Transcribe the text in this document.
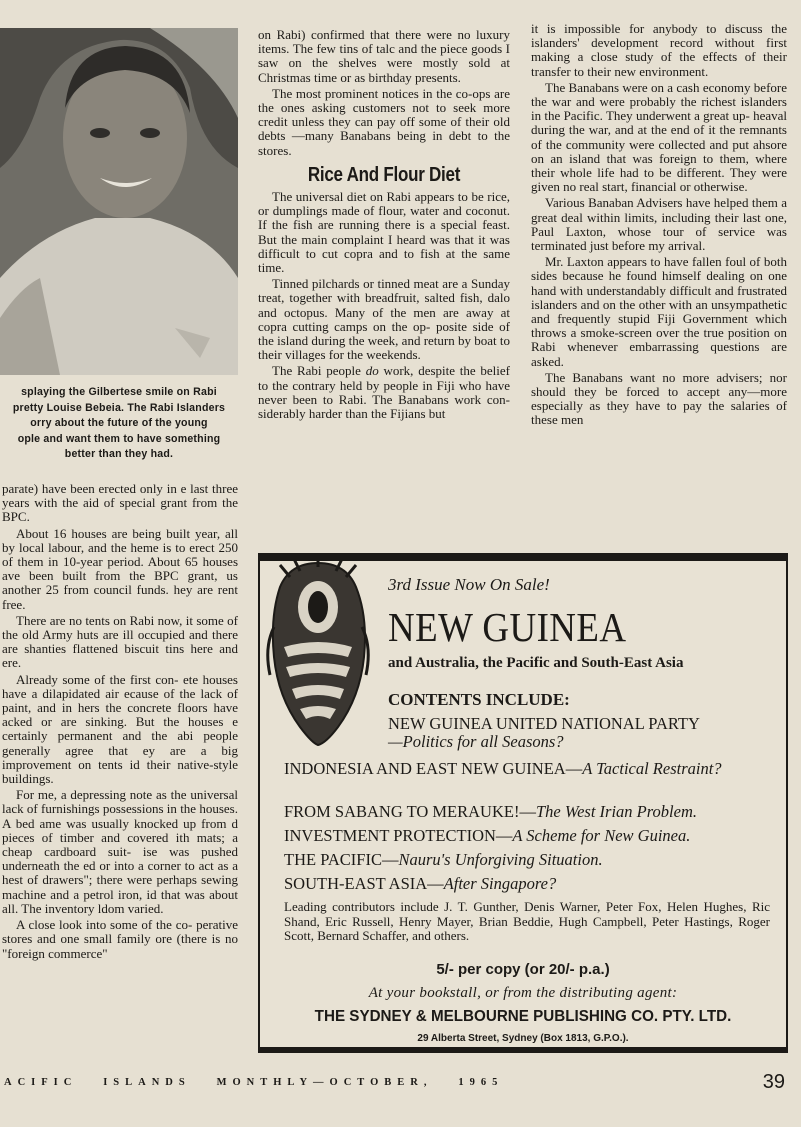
splaying the Gilbertese smile on Rabi
pretty Louise Bebeia. The Rabi Islanders
orry about the future of the young
ople and want them to have something
better than they had.

parate) have been erected only in e last three years with the aid of special grant from the BPC.

About 16 houses are being built year, all by local labour, and the heme is to erect 250 of them in 10-year period. About 65 houses ave been built from the BPC grant, us another 25 from council funds. hey are rent free.

There are no tents on Rabi now, it some of the old Army huts are ill occupied and there are shanties flattened biscuit tins here and ere.

Already some of the first con- ete houses have a dilapidated air ecause of the lack of paint, and in hers the concrete floors have acked or are sinking. But the houses e certainly permanent and the abi people generally agree that ey are a big improvement on tents id their native-style buildings.

For me, a depressing note as the universal lack of furnishings possessions in the houses. A bed ame was usually knocked up from d pieces of timber and covered ith mats; a cheap cardboard suit- ise was pushed underneath the ed or into a corner to act as a hest of drawers"; there were perhaps sewing machine and a petrol iron, id that was about all. The inventory ldom varied.

A close look into some of the co- perative stores and one small family ore (there is no "foreign commerce"

on Rabi) confirmed that there were no luxury items. The few tins of talc and the piece goods I saw on the shelves were mostly sold at Christmas time or as birthday presents.

The most prominent notices in the co-ops are the ones asking customers not to seek more credit unless they can pay off some of their old debts —many Banabans being in debt to the stores.

Rice And Flour Diet

The universal diet on Rabi appears to be rice, or dumplings made of flour, water and coconut. If the fish are running there is a special feast. But the main complaint I heard was that it was difficult to cut copra and to fish at the same time.

Tinned pilchards or tinned meat are a Sunday treat, together with breadfruit, salted fish, dalo and octopus. Many of the men are away at copra cutting camps on the op- posite side of the island during the week, and return by boat to their villages for the weekends.

The Rabi people do work, despite the belief to the contrary held by people in Fiji who have never been to Rabi. The Banabans work con- siderably harder than the Fijians but

it is impossible for anybody to discuss the islanders' development record without first making a close study of the effects of their transfer to their new environment.

The Banabans were on a cash economy before the war and were probably the richest islanders in the Pacific. They underwent a great up- heaval during the war, and at the end of it the remnants of the community were collected and put ahsore on an island that was foreign to them, where their whole life had to be different. They were given no real start, financial or otherwise.

Various Banaban Advisers have helped them a great deal within limits, including their last one, Paul Laxton, whose tour of service was terminated just before my arrival.

Mr. Laxton appears to have fallen foul of both sides because he found himself dealing on one hand with understandably difficult and frustrated islanders and on the other with an unsympathetic and frequently stupid Fiji Government which throws a smoke-screen over the true position on Rabi whenever embarrassing questions are asked.

The Banabans want no more advisers; nor should they be forced to accept any—more especially as they have to pay the salaries of these men

3rd Issue Now On Sale!
NEW GUINEA
and Australia, the Pacific and South-East Asia
CONTENTS INCLUDE:
NEW GUINEA UNITED NATIONAL PARTY
—Politics for all Seasons?
INDONESIA AND EAST NEW GUINEA—A Tactical Restraint?
FROM SABANG TO MERAUKE!—The West Irian Problem.
INVESTMENT PROTECTION—A Scheme for New Guinea.
THE PACIFIC—Nauru's Unforgiving Situation.
SOUTH-EAST ASIA—After Singapore?
Leading contributors include J. T. Gunther, Denis Warner, Peter Fox, Helen Hughes, Ric Shand, Eric Russell, Henry Mayer, Brian Beddie, Hugh Campbell, Peter Hastings, Roger Scott, Bernard Schaffer, and others.
5/- per copy (or 20/- p.a.)
At your bookstall, or from the distributing agent:
THE SYDNEY & MELBOURNE PUBLISHING CO. PTY. LTD.
29 Alberta Street, Sydney (Box 1813, G.P.O.).
ACIFIC   ISLANDS   MONTHLY—OCTOBER,   1965	39
